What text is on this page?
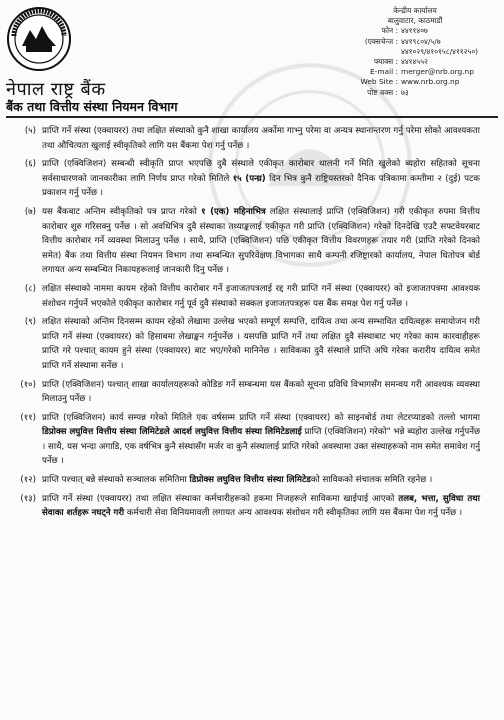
केन्द्रीय कार्यालय
बालुवाटार, काठमाडौं
फोन : ४४११४०७
(एक्सचेन्ज : ४४१९८०४/५/७
४४१०२९/४१०१५८/४११२५०)
फ्याक्स : ४४१४५५२
E-mail : merger@nrb.org.np
Web Site : www.nrb.org.np
पोष्ट बक्स : ७३
नेपाल राष्ट्र बैंक
बैंक तथा वित्तीय संस्था नियमन विभाग
(५) प्राप्ति गर्ने संस्था (एक्वायरर) तथा लक्षित संस्थाको कुनै शाखा कार्यालय अर्कोमा गाभ्नु परेमा वा अन्यत्र स्थानान्तरण गर्नु परेमा सोको आवश्यकता तथा औचित्यता खुलाई स्वीकृतिको लागि यस बैंकमा पेश गर्नु पर्नेछ ।
(६) प्राप्ति (एक्विजिशन) सम्बन्धी स्वीकृति प्राप्त भएपछि दुबै संस्थाले एकीकृत कारोबार थालनी गर्ने मिति खुलेको ब्यहोरा सहितको सूचना सर्वसाधारणको जानकारीका लागि निर्णय प्राप्त गरेको मितिले १५ (पन्ध्र) दिन भित्र कुनै राष्ट्रियस्तरको दैनिक पत्रिकामा कम्तीमा २ (दुई) पटक प्रकाशन गर्नु पर्नेछ ।
(७) यस बैंकबाट अन्तिम स्वीकृतिको पत्र प्राप्त गरेको १ (एक) महिनाभित्र लक्षित संस्थालाई प्राप्ति (एक्विजिशन) गरी एकीकृत रुपमा वित्तीय कारोबार शुरु गरिसक्नु पर्नेछ । सो अवधिभित्र दुवै संस्थाका तथ्याङ्कलाई एकीकृत गरी प्राप्ति (एक्विजिशन) गरेको दिनदेखि एउटै सफ्टवेयरबाट वित्तीय कारोबार गर्ने व्यवस्था मिलाउनु पर्नेछ । साथै, प्राप्ति (एक्विजिशन) पछि एकीकृत वित्तीय विवरणहरू तयार गरी (प्राप्ति गरेको दिनको समेत) बैंक तथा वित्तीय संस्था नियमन विभाग तथा सम्बन्धित सुपरिवेक्षण विभागका साथै कम्पनी रजिष्ट्रारको कार्यालय, नेपाल धितोपत्र बोर्ड लगायत अन्य सम्बन्धित निकायहरूलाई जानकारी दिनु पर्नेछ ।
(८) लक्षित संस्थाको नाममा कायम रहेको वित्तीय कारोबार गर्ने इजाजतपत्रलाई रद्द गरी प्राप्ति गर्ने संस्था (एक्वायरर) को इजाजतपत्रमा आवश्यक संशोधन गर्नुपर्ने भएकोले एकीकृत कारोबार गर्नु पूर्व दुवै संस्थाको सक्कल इजाजतपत्रहरू यस बैंक समक्ष पेश गर्नु पर्नेछ ।
(९) लक्षित संस्थाको अन्तिम दिनसम्म कायम रहेको लेखामा उल्लेख भएको सम्पूर्ण सम्पत्ति, दायित्व तथा अन्य सम्भावित दायित्वहरू समायोजन गरी प्राप्ति गर्ने संस्था (एक्वायरर) को हिसाबमा लेखाङ्कन गर्नुपर्नेछ । यसपछि प्राप्ति गर्ने तथा लक्षित दुवै संस्थाबाट भए गरेका काम कारवाहीहरू प्राप्ति गरे पश्चात् कायम हुने संस्था (एक्वायरर) बाट भए/गरेको मानिनेछ । साविकका दुवै संस्थाले प्राप्ति अघि गरेका करारीय दायित्व समेत प्राप्ति गर्ने संस्थामा सर्नेछ ।
(१०) प्राप्ति (एक्विजिशन) पश्चात् शाखा कार्यालयहरूको कोडिङ गर्ने सम्बन्धमा यस बैंकको सूचना प्रविधि विभागसँग समन्वय गरी आवश्यक व्यवस्था मिलाउनु पर्नेछ ।
(११) प्राप्ति (एक्विजिशन) कार्य सम्पन्न गरेको मितिले एक वर्षसम्म प्राप्ति गर्ने संस्था (एक्वायरर) को साइनबोर्ड तथा लेटरप्याडको तल्लो भागमा डिप्रोक्स लघुवित्त वित्तीय संस्था लिमिटेडले आदर्श लघुवित्त वित्तीय संस्था लिमिटेडलाई प्राप्ति (एक्विजिशन) गरेको" भन्ने ब्यहोरा उल्लेख गर्नुपर्नेछ । साथै, यस भन्दा अगाडि, एक वर्षभित्र कुनै संस्थासँग मर्जर वा कुनै संस्थालाई प्राप्ति गरेको अवस्थामा उक्त संस्थाहरूको नाम समेत समावेश गर्नु पर्नेछ ।
(१२) प्राप्ति पश्चात् बन्ने संस्थाको सञ्चालक समितिमा डिप्रोक्स लघुवित्त वित्तीय संस्था लिमिटेडको साविकको संचालक समिति रहनेछ ।
(१३) प्राप्ति गर्ने संस्था (एक्वायरर) तथा लक्षित संस्थाका कर्मचारीहरूको हकमा निजहरूले साविकमा खाईपाई आएको तलब, भत्ता, सुविधा तथा सेवाका शर्तहरू नघट्ने गरी कर्मचारी सेवा विनियमावली लगायत अन्य आवश्यक संशोधन गरी स्वीकृतिका लागि यस बैंकमा पेश गर्नु पर्नेछ ।
